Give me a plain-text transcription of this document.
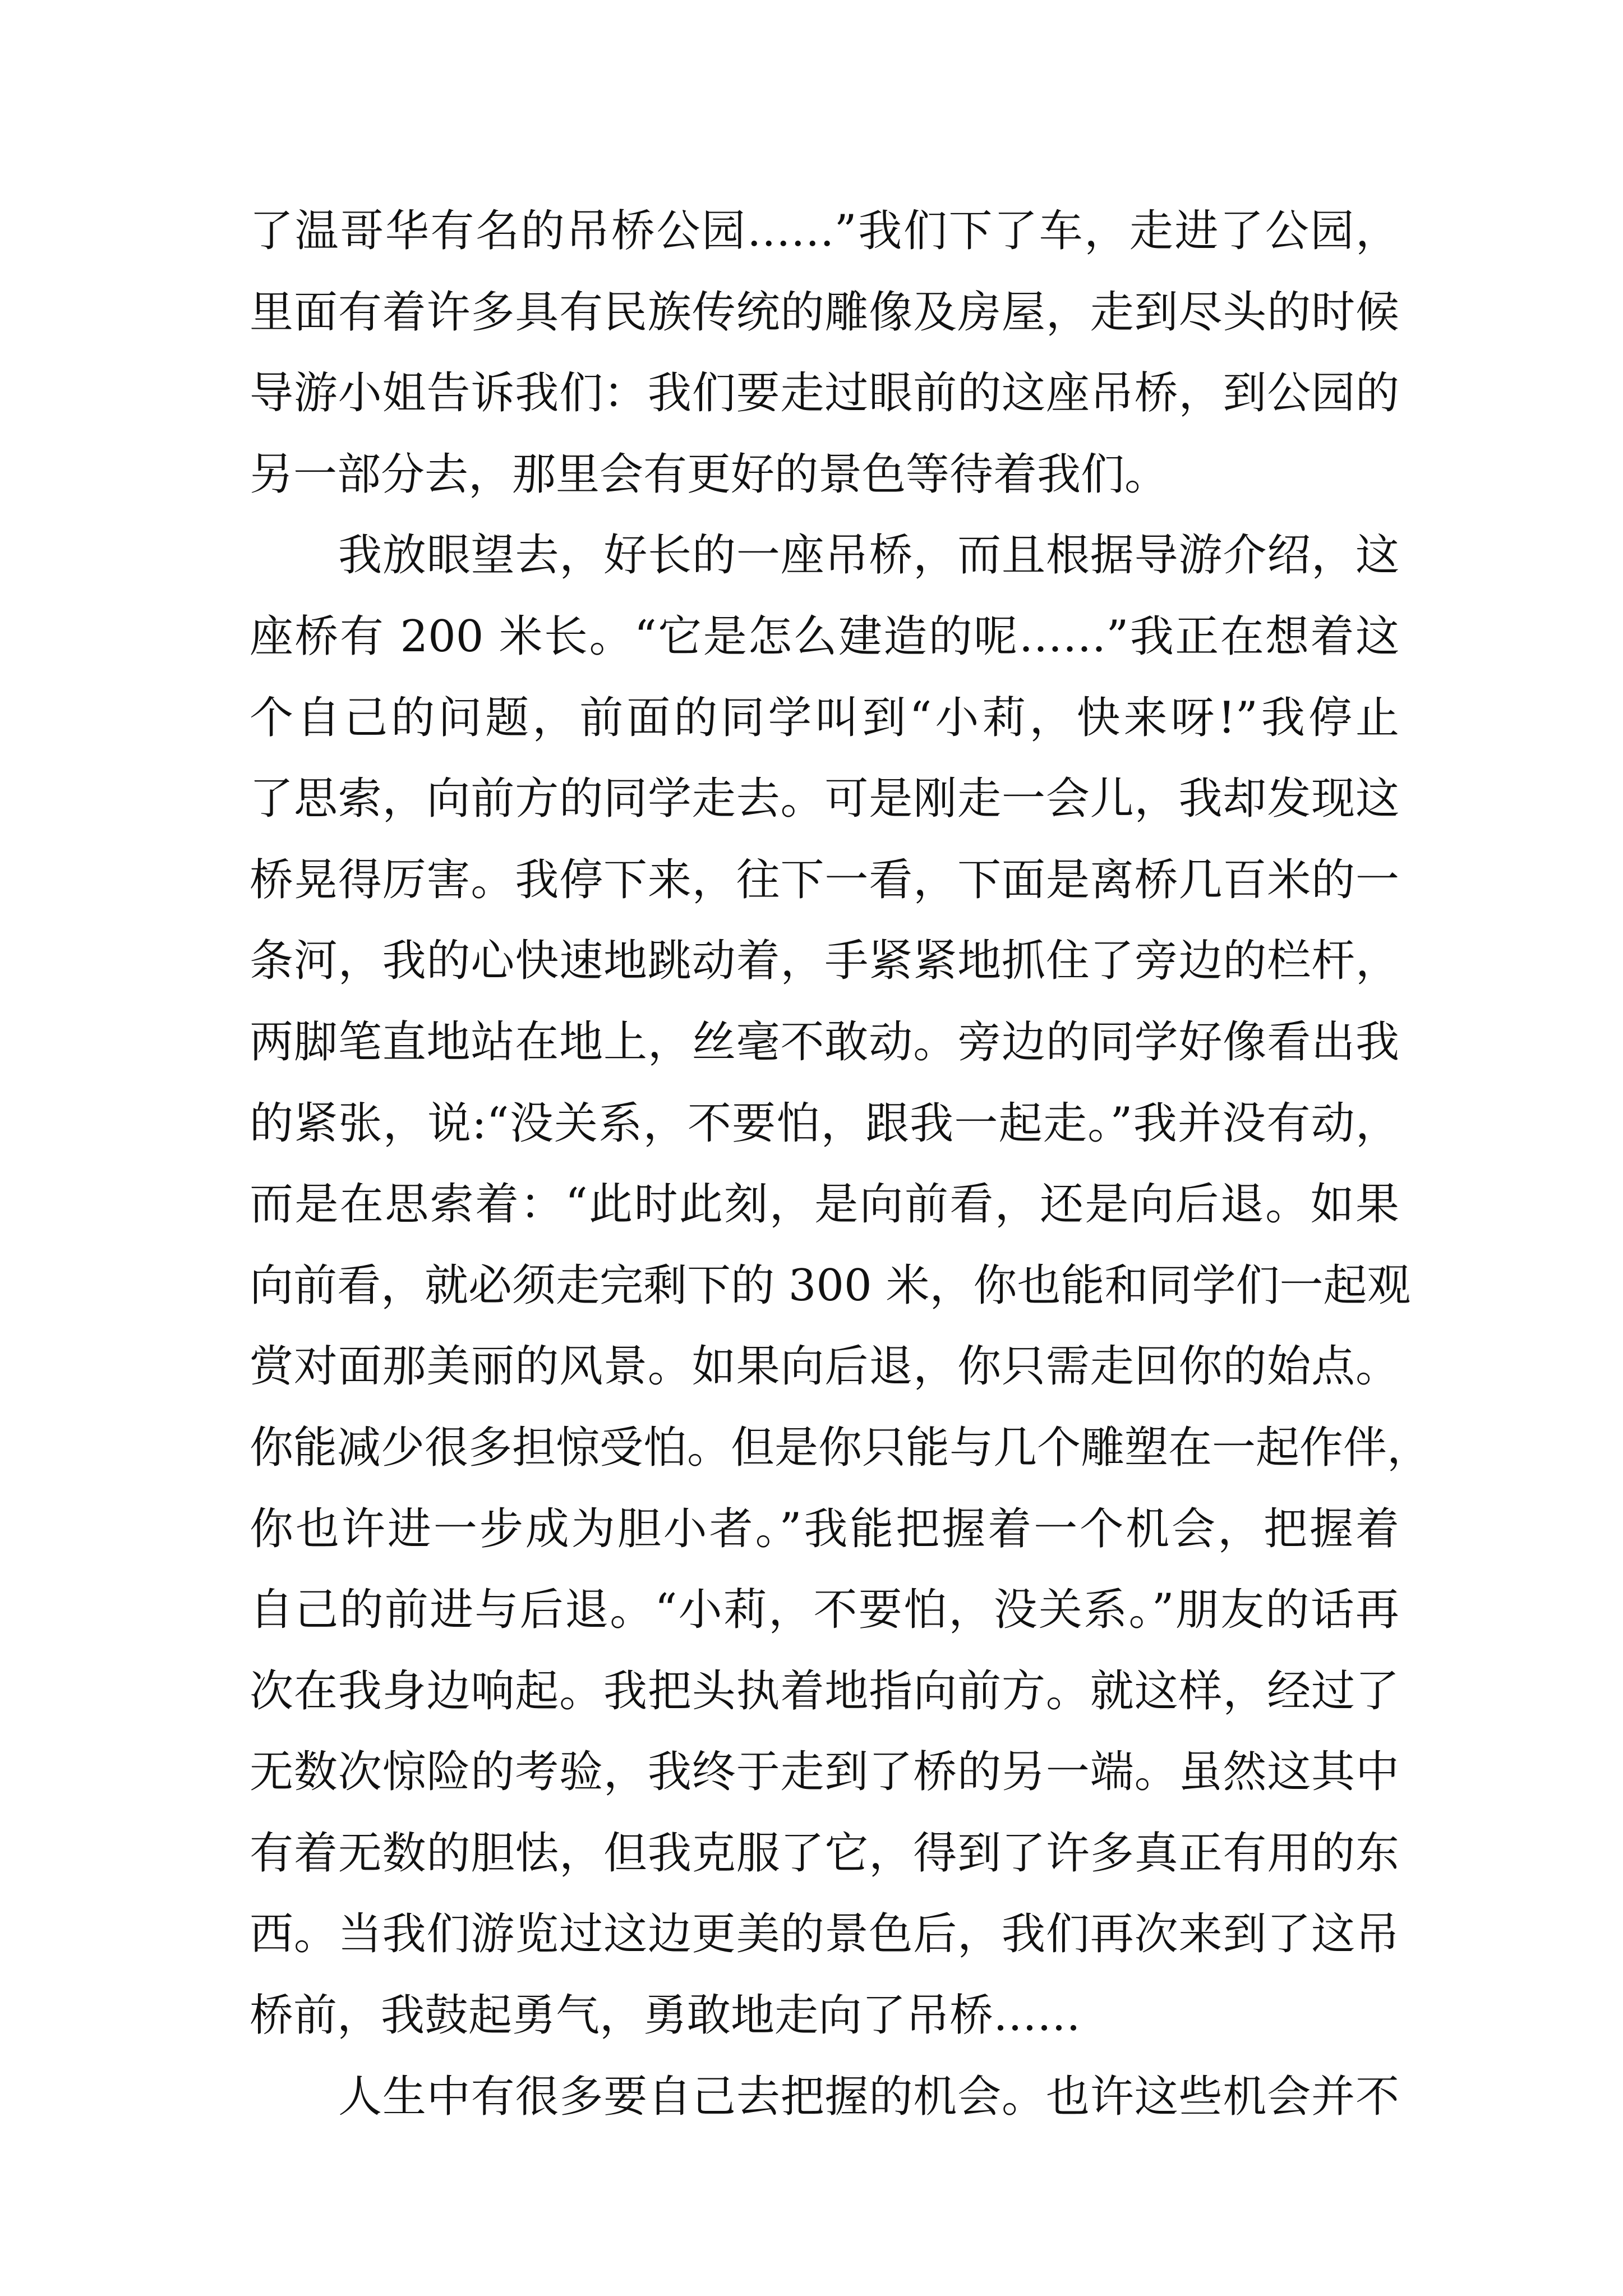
了温哥华有名的吊桥公园……”我们下了车，走进了公园，
里面有着许多具有民族传统的雕像及房屋，走到尽头的时候
导游小姐告诉我们：我们要走过眼前的这座吊桥，到公园的
另一部分去，那里会有更好的景色等待着我们。
我放眼望去，好长的一座吊桥，而且根据导游介绍，这
座桥有 200 米长。“它是怎么建造的呢……”我正在想着这
个自己的问题，前面的同学叫到“小莉，快来呀!”我停止
了思索，向前方的同学走去。可是刚走一会儿，我却发现这
桥晃得厉害。我停下来，往下一看，下面是离桥几百米的一
条河，我的心快速地跳动着，手紧紧地抓住了旁边的栏杆，
两脚笔直地站在地上，丝毫不敢动。旁边的同学好像看出我
的紧张，说:“没关系，不要怕，跟我一起走。”我并没有动，
而是在思索着：“此时此刻，是向前看，还是向后退。如果
向前看，就必须走完剩下的 300 米，你也能和同学们一起观
赏对面那美丽的风景。如果向后退，你只需走回你的始点。
你能减少很多担惊受怕。但是你只能与几个雕塑在一起作伴，
你也许进一步成为胆小者。”我能把握着一个机会，把握着
自己的前进与后退。“小莉，不要怕，没关系。”朋友的话再
次在我身边响起。我把头执着地指向前方。就这样，经过了
无数次惊险的考验，我终于走到了桥的另一端。虽然这其中
有着无数的胆怯，但我克服了它，得到了许多真正有用的东
西。当我们游览过这边更美的景色后，我们再次来到了这吊
桥前，我鼓起勇气，勇敢地走向了吊桥……
人生中有很多要自己去把握的机会。也许这些机会并不
